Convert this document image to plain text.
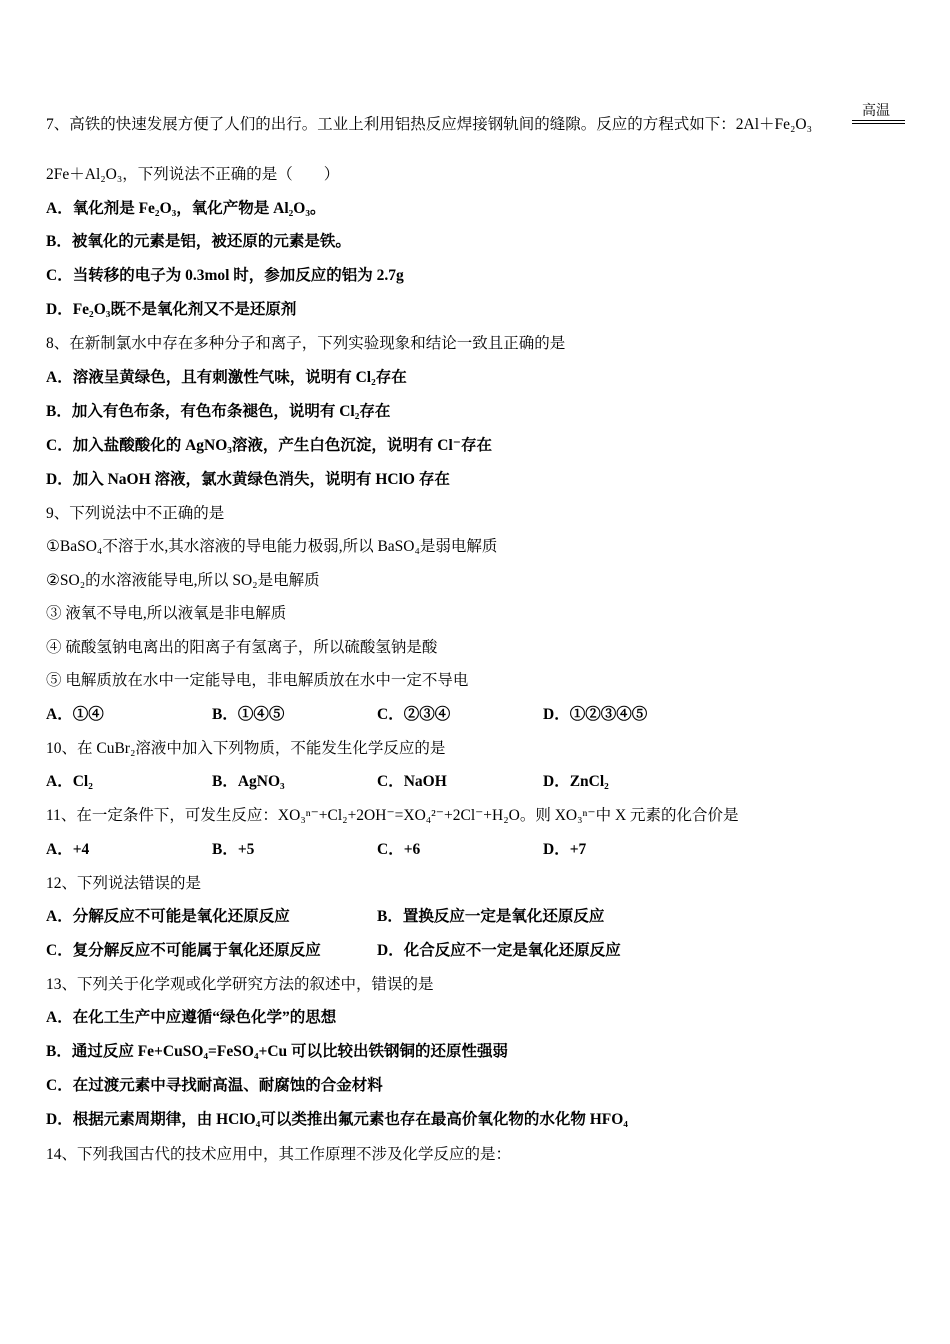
7、高铁的快速发展方便了人们的出行。工业上利用铝热反应焊接钢轨间的缝隙。反应的方程式如下：2Al＋Fe₂O₃
高温
2Fe＋Al₂O₃，下列说法不正确的是（　　）
A．氧化剂是 Fe₂O₃，氧化产物是 Al₂O₃。
B．被氧化的元素是铝，被还原的元素是铁。
C．当转移的电子为 0.3mol 时，参加反应的铝为 2.7g
D．Fe₂O₃既不是氧化剂又不是还原剂
8、在新制氯水中存在多种分子和离子，下列实验现象和结论一致且正确的是
A．溶液呈黄绿色，且有刺激性气味，说明有 Cl₂存在
B．加入有色布条，有色布条褪色，说明有 Cl₂存在
C．加入盐酸酸化的 AgNO₃溶液，产生白色沉淀，说明有 Cl⁻存在
D．加入 NaOH 溶液，氯水黄绿色消失，说明有 HClO 存在
9、下列说法中不正确的是
①BaSO₄不溶于水,其水溶液的导电能力极弱,所以 BaSO₄是弱电解质
②SO₂的水溶液能导电,所以 SO₂是电解质
③ 液氧不导电,所以液氧是非电解质
④ 硫酸氢钠电离出的阳离子有氢离子，所以硫酸氢钠是酸
⑤ 电解质放在水中一定能导电，非电解质放在水中一定不导电
A．①④	B．①④⑤	C．②③④	D．①②③④⑤
10、在 CuBr₂溶液中加入下列物质，不能发生化学反应的是
A．Cl₂	B．AgNO₃	C．NaOH	D．ZnCl₂
11、在一定条件下，可发生反应：XO₃ⁿ⁻+Cl₂+2OH⁻=XO₄²⁻+2Cl⁻+H₂O。则 XO₃ⁿ⁻中 X 元素的化合价是
A．+4	B．+5	C．+6	D．+7
12、下列说法错误的是
A．分解反应不可能是氧化还原反应	B．置换反应一定是氧化还原反应
C．复分解反应不可能属于氧化还原反应	D．化合反应不一定是氧化还原反应
13、下列关于化学观或化学研究方法的叙述中，错误的是
A．在化工生产中应遵循“绿色化学”的思想
B．通过反应 Fe+CuSO₄=FeSO₄+Cu 可以比较出铁钢铜的还原性强弱
C．在过渡元素中寻找耐高温、耐腐蚀的合金材料
D．根据元素周期律，由 HClO₄可以类推出氟元素也存在最高价氧化物的水化物 HFO₄
14、下列我国古代的技术应用中，其工作原理不涉及化学反应的是：
